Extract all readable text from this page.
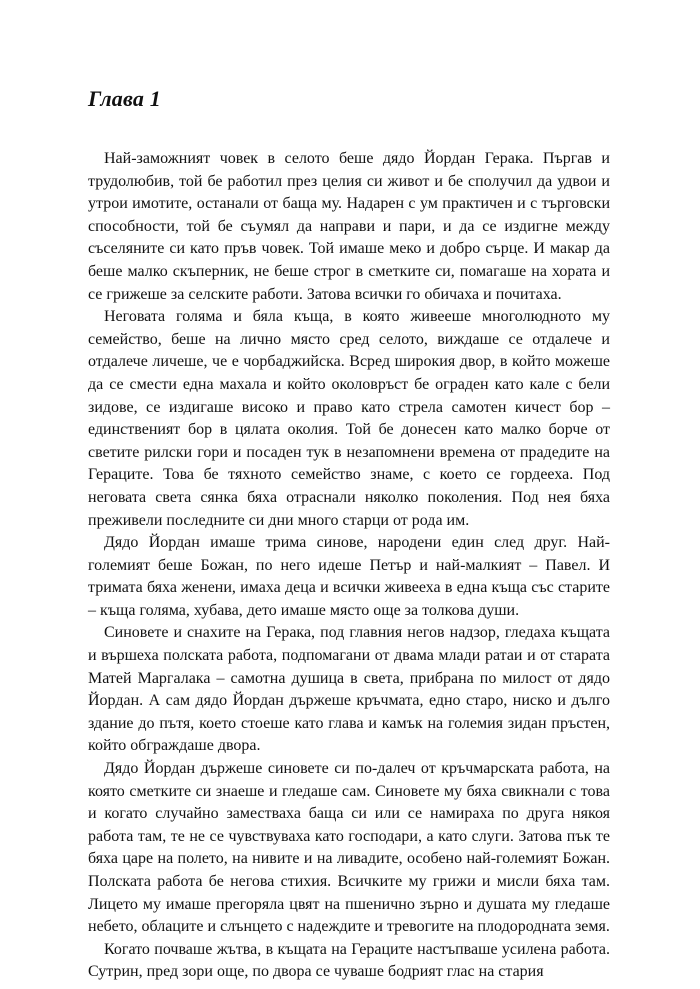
Глава 1

Най-заможният човек в селото беше дядо Йордан Герака. Пъргав и трудолюбив, той бе работил през целия си живот и бе сполучил да удвои и утрои имотите, останали от баща му. Надарен с ум практичен и с търговски способности, той бе съумял да направи и пари, и да се издигне между съселяните си като пръв човек. Той имаше меко и добро сърце. И макар да беше малко скъперник, не беше строг в сметките си, помагаше на хората и се грижеше за селските работи. Затова всички го обичаха и почитаха.

Неговата голяма и бяла къща, в която живееше многолюдното му семейство, беше на лично място сред селото, виждаше се отдалече и отдалече личеше, че е чорбаджийска. Всред широкия двор, в който можеше да се смести една махала и който околовръст бе ограден като кале с бели зидове, се издигаше високо и право като стрела самотен кичест бор – единственият бор в цялата околия. Той бе донесен като малко борче от светите рилски гори и посаден тук в незапомнени времена от прадедите на Гераците. Това бе тяхното семейство знаме, с което се гордееха. Под неговата света сянка бяха отраснали няколко поколения. Под нея бяха преживели последните си дни много старци от рода им.

Дядо Йордан имаше трима синове, народени един след друг. Най-големият беше Божан, по него идеше Петър и най-малкият – Павел. И тримата бяха женени, имаха деца и всички живееха в една къща със старите – къща голяма, хубава, дето имаше място още за толкова души.

Синовете и снахите на Герака, под главния негов надзор, гледаха къщата и вършеха полската работа, подпомагани от двама млади ратаи и от старата Матей Маргалака – самотна душица в света, прибрана по милост от дядо Йордан. А сам дядо Йордан държеше кръчмата, едно старо, ниско и дълго здание до пътя, което стоеше като глава и камък на големия зидан пръстен, който обграждаше двора.

Дядо Йордан държеше синовете си по-далеч от кръчмарската работа, на която сметките си знаеше и гледаше сам. Синовете му бяха свикнали с това и когато случайно заместваха баща си или се намираха по друга някоя работа там, те не се чувствуваха като господари, а като слуги. Затова пък те бяха царе на полето, на нивите и на ливадите, особено най-големият Божан. Полската работа бе негова стихия. Всичките му грижи и мисли бяха там. Лицето му имаше прегоряла цвят на пшенично зърно и душата му гледаше небето, облаците и слънцето с надеждите и тревогите на плодородната земя.

Когато почваше жътва, в къщата на Гераците настъпваше усилена работа. Сутрин, пред зори още, по двора се чуваше бодрият глас на стария
